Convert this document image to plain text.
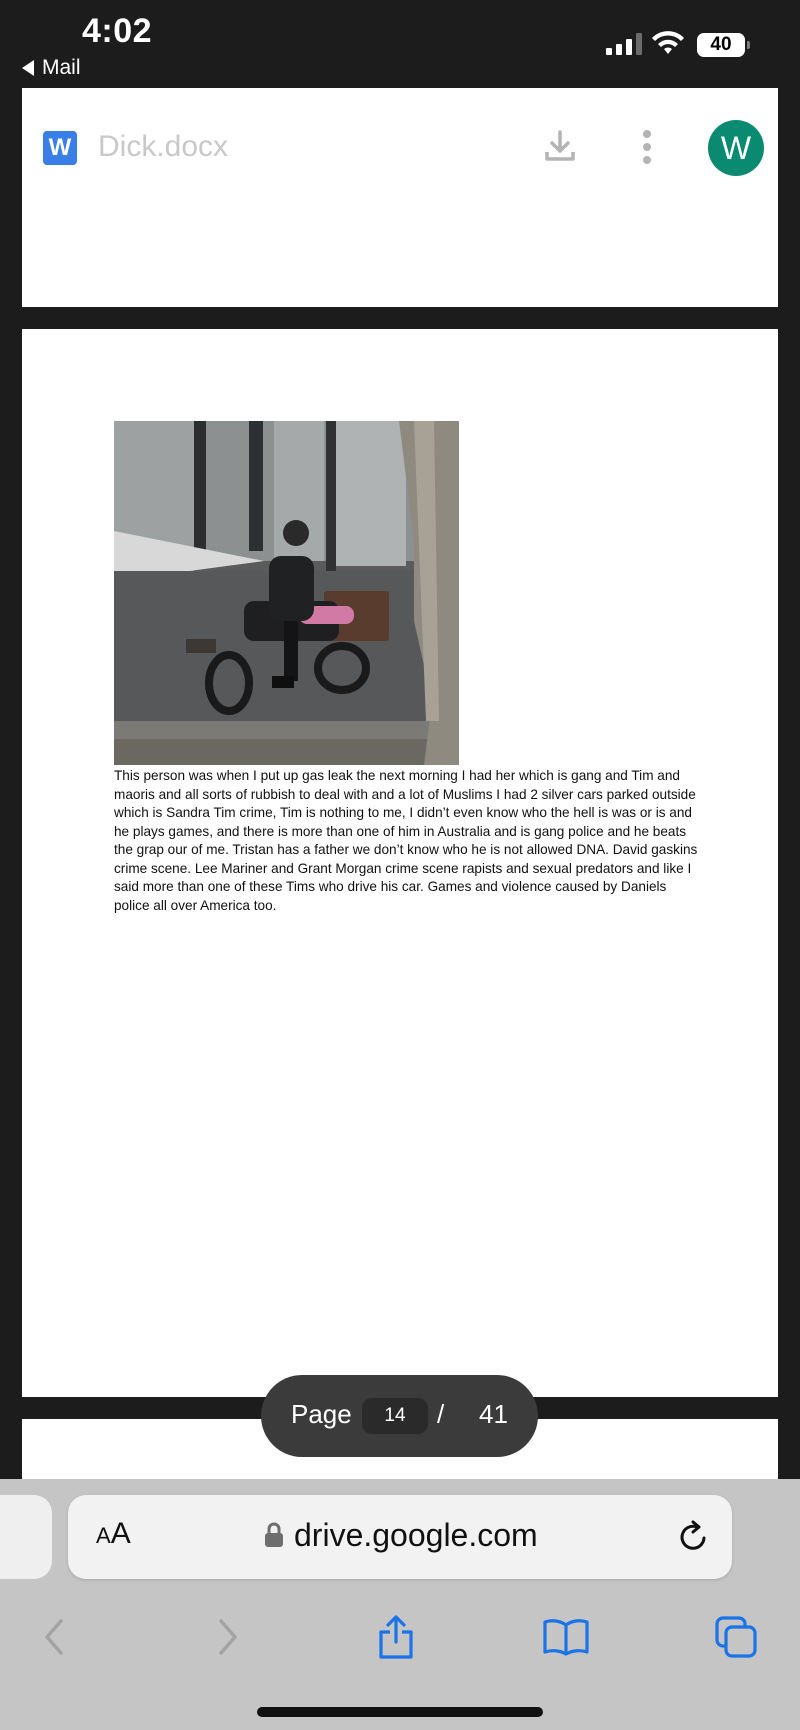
4:02
Mail
40
W Dick.docx	W
This person was when I put up gas leak the next morning I had her which is gang and Tim and maoris and all sorts of rubbish to deal with and a lot of Muslims I had 2 silver cars parked outside which is Sandra Tim crime, Tim is nothing to me, I didn’t even know who the hell is was or is and he plays games, and there is more than one of him in Australia and is gang police and he beats the grap our of me. Tristan has a father we don’t know who he is not allowed DNA. David gaskins crime scene. Lee Mariner and Grant Morgan crime scene rapists and sexual predators and like I said more than one of these Tims who drive his car. Games and violence caused by Daniels police all over America too.
Page	14	/ 41
AA	drive.google.com
